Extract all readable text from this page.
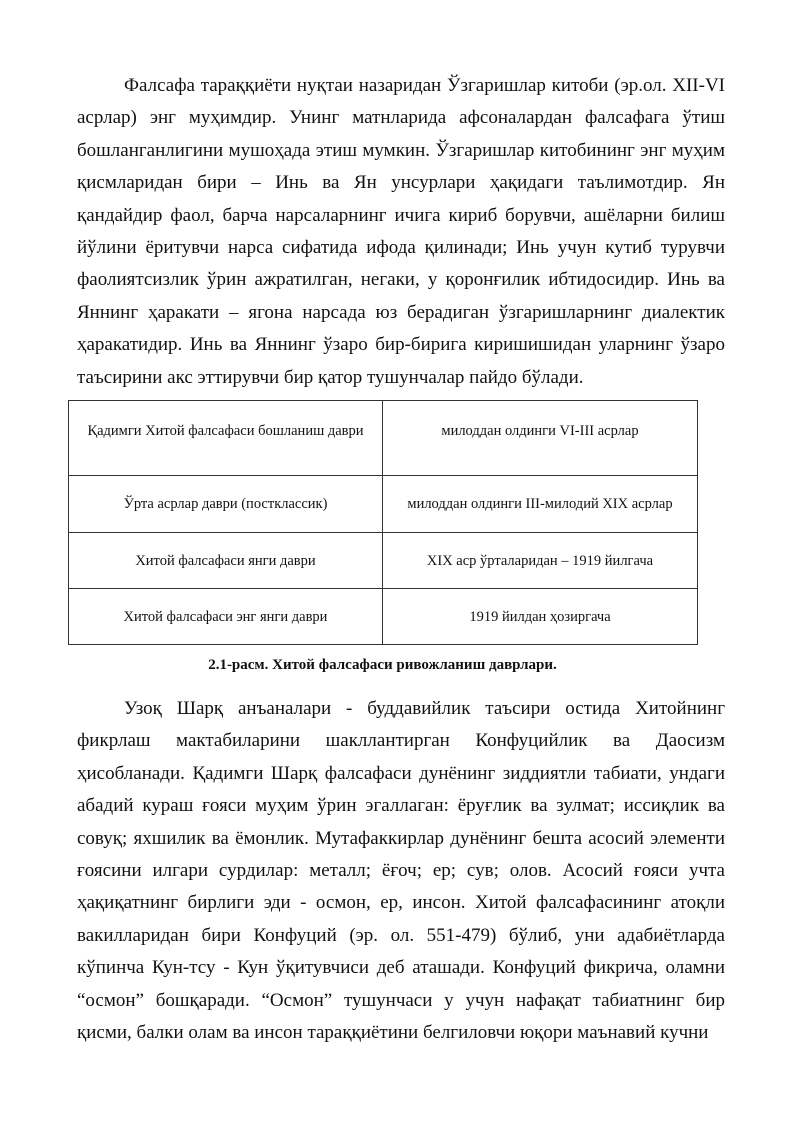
Фалсафа тараққиёти нуқтаи назаридан Ўзгаришлар китоби (эр.ол. XII-VI асрлар) энг муҳимдир. Унинг матнларида афсоналардан фалсафага ўтиш бошланганлигини мушоҳада этиш мумкин. Ўзгаришлар китобининг энг муҳим қисмларидан бири – Инь ва Ян унсурлари ҳақидаги таълимотдир. Ян қандайдир фаол, барча нарсаларнинг ичига кириб борувчи, ашёларни билиш йўлини ёритувчи нарса сифатида ифода қилинади; Инь учун кутиб турувчи фаолиятсизлик ўрин ажратилган, негаки, у қоронғилик ибтидосидир. Инь ва Яннинг ҳаракати – ягона нарсада юз берадиган ўзгаришларнинг диалектик ҳаракатидир. Инь ва Яннинг ўзаро бир-бирига киришишидан уларнинг ўзаро таъсирини акс эттирувчи бир қатор тушунчалар пайдо бўлади.

Қадимги Хитой фалсафаси бошланиш даври	милоддан олдинги VI-III асрлар
Ўрта асрлар даври (постклассик)	милоддан олдинги III-милодий XIX асрлар
Хитой фалсафаси янги даври	XIX аср ўрталаридан – 1919 йилгача
Хитой фалсафаси энг янги даври	1919 йилдан ҳозиргача
2.1-расм. Хитой фалсафаси ривожланиш даврлари.

Узоқ Шарқ анъаналари - буддавийлик таъсири остида Хитойнинг фикрлаш мактабиларини шакллантирган Конфуцийлик ва Даосизм ҳисобланади. Қадимги Шарқ фалсафаси дунёнинг зиддиятли табиати, ундаги абадий кураш ғояси муҳим ўрин эгаллаган: ёруғлик ва зулмат; иссиқлик ва совуқ; яхшилик ва ёмонлик. Мутафаккирлар дунёнинг бешта асосий элементи ғоясини илгари сурдилар: металл; ёғоч; ер; сув; олов. Асосий ғояси учта ҳақиқатнинг бирлиги эди - осмон, ер, инсон. Хитой фалсафасининг атоқли вакилларидан бири Конфуций (эр. ол. 551-479) бўлиб, уни адабиётларда кўпинча Кун-тсу - Кун ўқитувчиси деб аташади. Конфуций фикрича, оламни “осмон” бошқаради. “Осмон” тушунчаси у учун нафақат табиатнинг бир қисми, балки олам ва инсон тараққиётини белгиловчи юқори маънавий кучни
